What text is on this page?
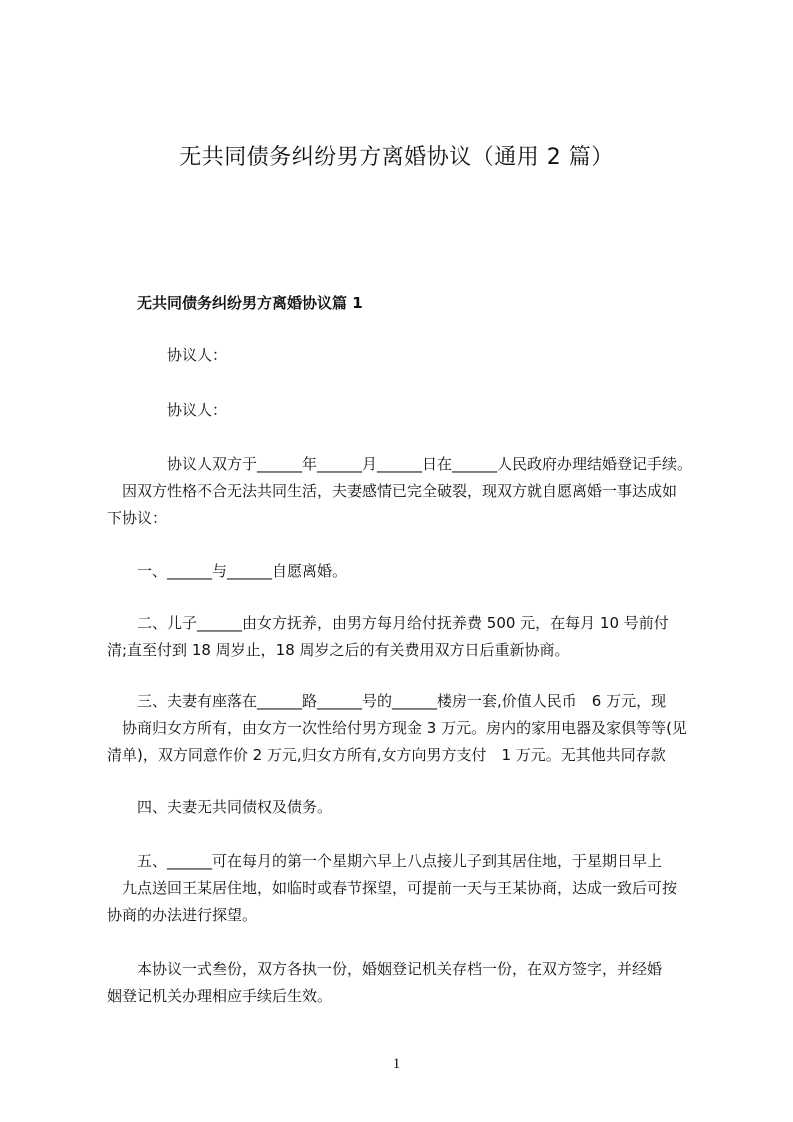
无共同债务纠纷男方离婚协议（通用 2 篇）
无共同债务纠纷男方离婚协议篇 1
　　　　协议人：
　　　　协议人：
　　　　协议人双方于______年______月______日在______人民政府办理结婚登记手续。
　因双方性格不合无法共同生活，夫妻感情已完全破裂，现双方就自愿离婚一事达成如
下协议：
　　一、______与______自愿离婚。
　　二、儿子______由女方抚养，由男方每月给付抚养费 500 元，在每月 10 号前付
清;直至付到 18 周岁止，18 周岁之后的有关费用双方日后重新协商。
　　三、夫妻有座落在______路______号的______楼房一套,价值人民币　6 万元，现
　协商归女方所有，由女方一次性给付男方现金 3 万元。房内的家用电器及家俱等等(见
清单)，双方同意作价 2 万元,归女方所有,女方向男方支付　1 万元。无其他共同存款
　　四、夫妻无共同债权及债务。
　　五、______可在每月的第一个星期六早上八点接儿子到其居住地，于星期日早上
　九点送回王某居住地，如临时或春节探望，可提前一天与王某协商，达成一致后可按
协商的办法进行探望。
　　本协议一式叁份，双方各执一份，婚姻登记机关存档一份，在双方签字，并经婚
姻登记机关办理相应手续后生效。
1
